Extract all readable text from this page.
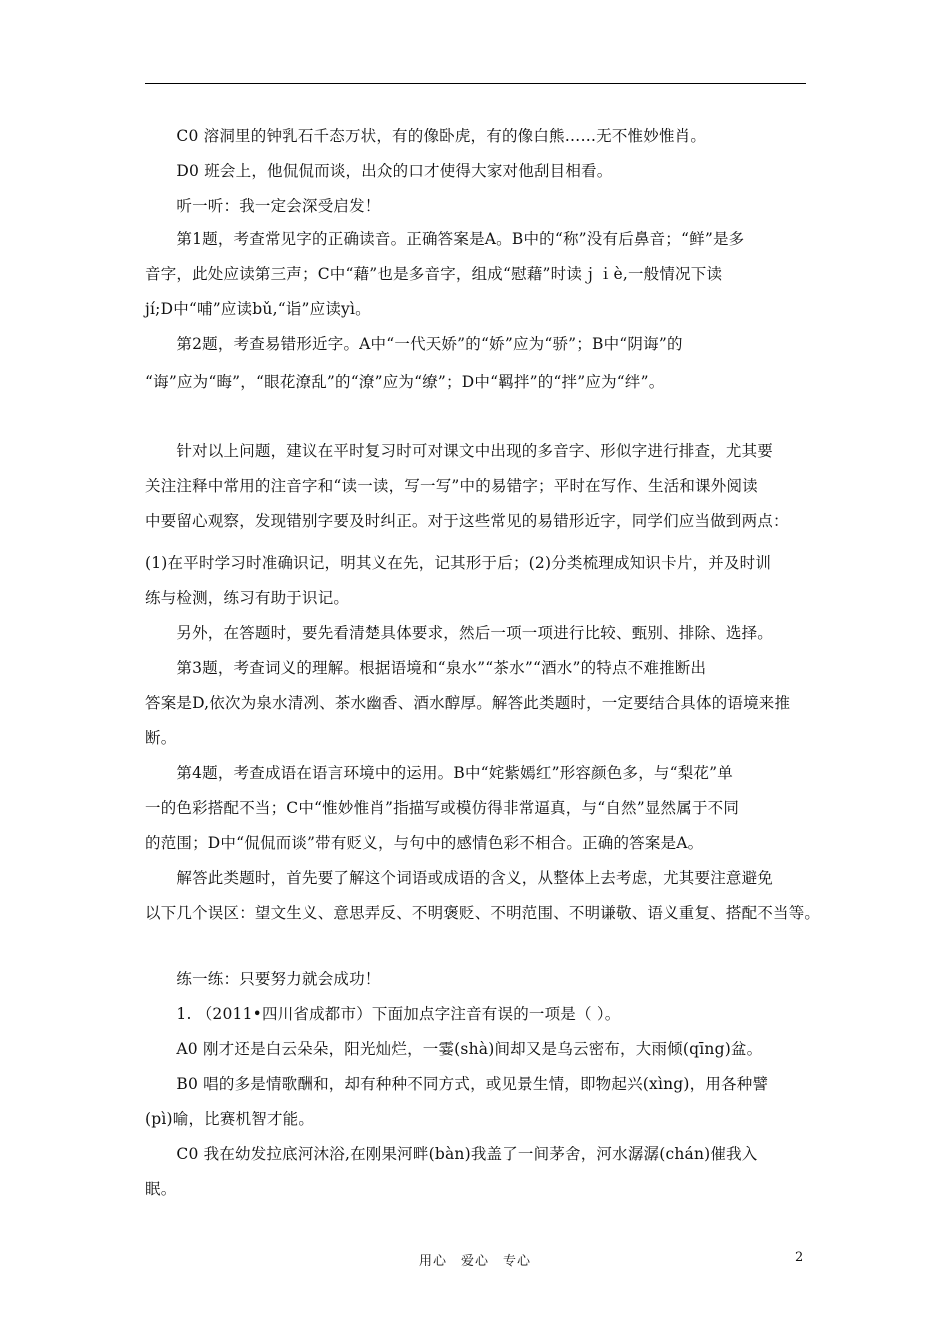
　　C0 溶洞里的钟乳石千态万状，有的像卧虎，有的像白熊……无不惟妙惟肖。
　　D0 班会上，他侃侃而谈，出众的口才使得大家对他刮目相看。
　　听一听：我一定会深受启发！
　　第1题，考查常见字的正确读音。正确答案是A。B中的“称”没有后鼻音；“鲜”是多
音字，此处应读第三声；C中“藉”也是多音字，组成“慰藉”时读ｊｉè,一般情况下读
jí;D中“哺”应读bǔ,“诣”应读yì。
　　第2题，考查易错形近字。A中“一代天娇”的“娇”应为“骄”；B中“阴诲”的
“诲”应为“晦”，“眼花潦乱”的“潦”应为“缭”；D中“羁拌”的“拌”应为“绊”。
　　针对以上问题，建议在平时复习时可对课文中出现的多音字、形似字进行排查，尤其要
关注注释中常用的注音字和“读一读，写一写”中的易错字；平时在写作、生活和课外阅读
中要留心观察，发现错别字要及时纠正。对于这些常见的易错形近字，同学们应当做到两点：
(1)在平时学习时准确识记，明其义在先，记其形于后；(2)分类梳理成知识卡片，并及时训
练与检测，练习有助于识记。
　　另外，在答题时，要先看清楚具体要求，然后一项一项进行比较、甄别、排除、选择。
　　第3题，考查词义的理解。根据语境和“泉水”“茶水”“酒水”的特点不难推断出
答案是D,依次为泉水清冽、茶水幽香、酒水醇厚。解答此类题时，一定要结合具体的语境来推
断。
　　第4题，考查成语在语言环境中的运用。B中“姹紫嫣红”形容颜色多，与“梨花”单
一的色彩搭配不当；C中“惟妙惟肖”指描写或模仿得非常逼真，与“自然”显然属于不同
的范围；D中“侃侃而谈”带有贬义，与句中的感情色彩不相合。正确的答案是A。
　　解答此类题时，首先要了解这个词语或成语的含义，从整体上去考虑，尤其要注意避免
以下几个误区：望文生义、意思弄反、不明褒贬、不明范围、不明谦敬、语义重复、搭配不当等。
　　练一练：只要努力就会成功！
　　1. （2011•四川省成都市）下面加点字注音有误的一项是（ ）。
　　A0 刚才还是白云朵朵，阳光灿烂，一霎(shà)间却又是乌云密布，大雨倾(qīng)盆。
　　B0 唱的多是情歌酬和，却有种种不同方式，或见景生情，即物起兴(xìng)，用各种譬
(pì)喻，比赛机智才能。
　　C0 我在幼发拉底河沐浴,在刚果河畔(bàn)我盖了一间茅舍，河水潺潺(chán)催我入
眠。
用心　爱心　专心	2
